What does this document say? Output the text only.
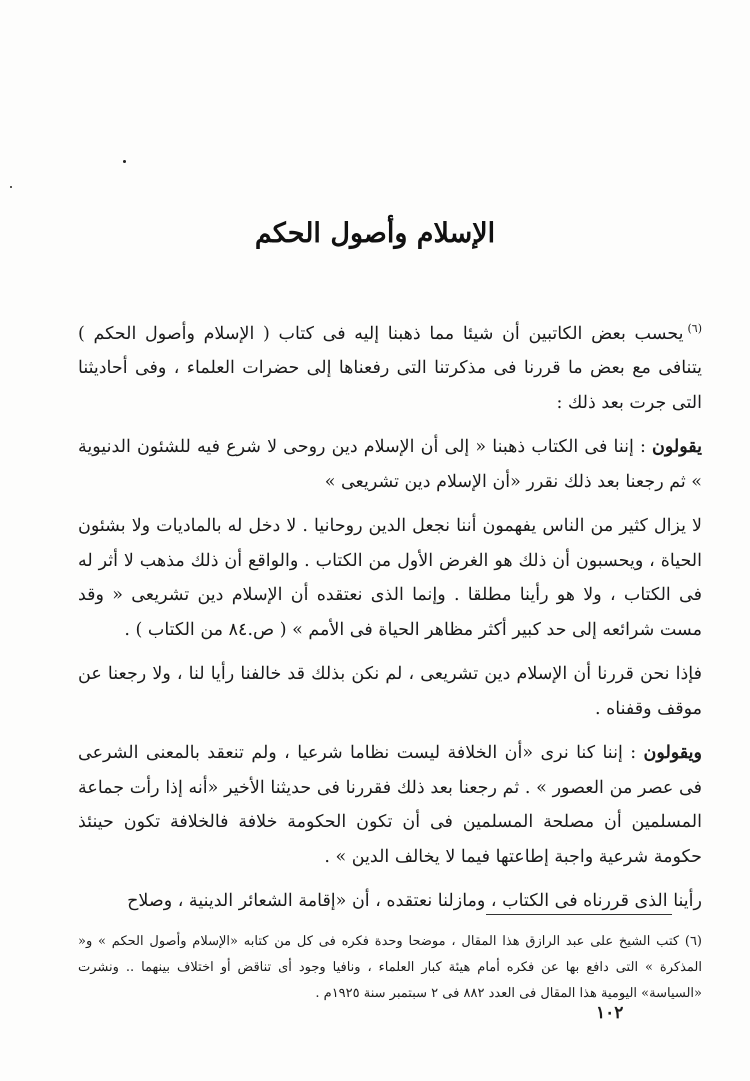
الإسلام وأصول الحكم

$^{(٦)}$يحسب بعض الكاتبين أن شيئا مما ذهبنا إليه فى كتاب ( الإسلام وأصول الحكم ) يتنافى مع بعض ما قررنا فى مذكرتنا التى رفعناها إلى حضرات العلماء ، وفى أحاديثنا التى جرت بعد ذلك :

يقولون : إننا فى الكتاب ذهبنا « إلى أن الإسلام دين روحى لا شرع فيه للشئون الدنيوية » ثم رجعنا بعد ذلك نقرر «أن الإسلام دين تشريعى »

لا يزال كثير من الناس يفهمون أننا نجعل الدين روحانيا . لا دخل له بالماديات ولا بشئون الحياة ، ويحسبون أن ذلك هو الغرض الأول من الكتاب . والواقع أن ذلك مذهب لا أثر له فى الكتاب ، ولا هو رأينا مطلقا . وإنما الذى نعتقده أن الإسلام دين تشريعى « وقد مست شرائعه إلى حد كبير أكثر مظاهر الحياة فى الأمم » ( ص.٨٤ من الكتاب ) .

فإذا نحن قررنا أن الإسلام دين تشريعى ، لم نكن بذلك قد خالفنا رأيا لنا ، ولا رجعنا عن موقف وقفناه .

ويقولون : إننا كنا نرى «أن الخلافة ليست نظاما شرعيا ، ولم تنعقد بالمعنى الشرعى فى عصر من العصور » . ثم رجعنا بعد ذلك فقررنا فى حديثنا الأخير «أنه إذا رأت جماعة المسلمين أن مصلحة المسلمين فى أن تكون الحكومة خلافة فالخلافة تكون حينئذ حكومة شرعية واجبة إطاعتها فيما لا يخالف الدين » .

رأينا الذى قررناه فى الكتاب ، ومازلنا نعتقده ، أن «إقامة الشعائر الدينية ، وصلاح

(٦) كتب الشيخ على عبد الرازق هذا المقال ، موضحا وحدة فكره فى كل من كتابه «الإسلام وأصول الحكم » و« المذكرة » التى دافع بها عن فكره أمام هيئة كبار العلماء ، ونافيا وجود أى تناقض أو اختلاف بينهما .. ونشرت «السياسة» اليومية هذا المقال فى العدد ٨٨٢ فى ٢ سبتمبر سنة ١٩٢٥م .

١٠٢
